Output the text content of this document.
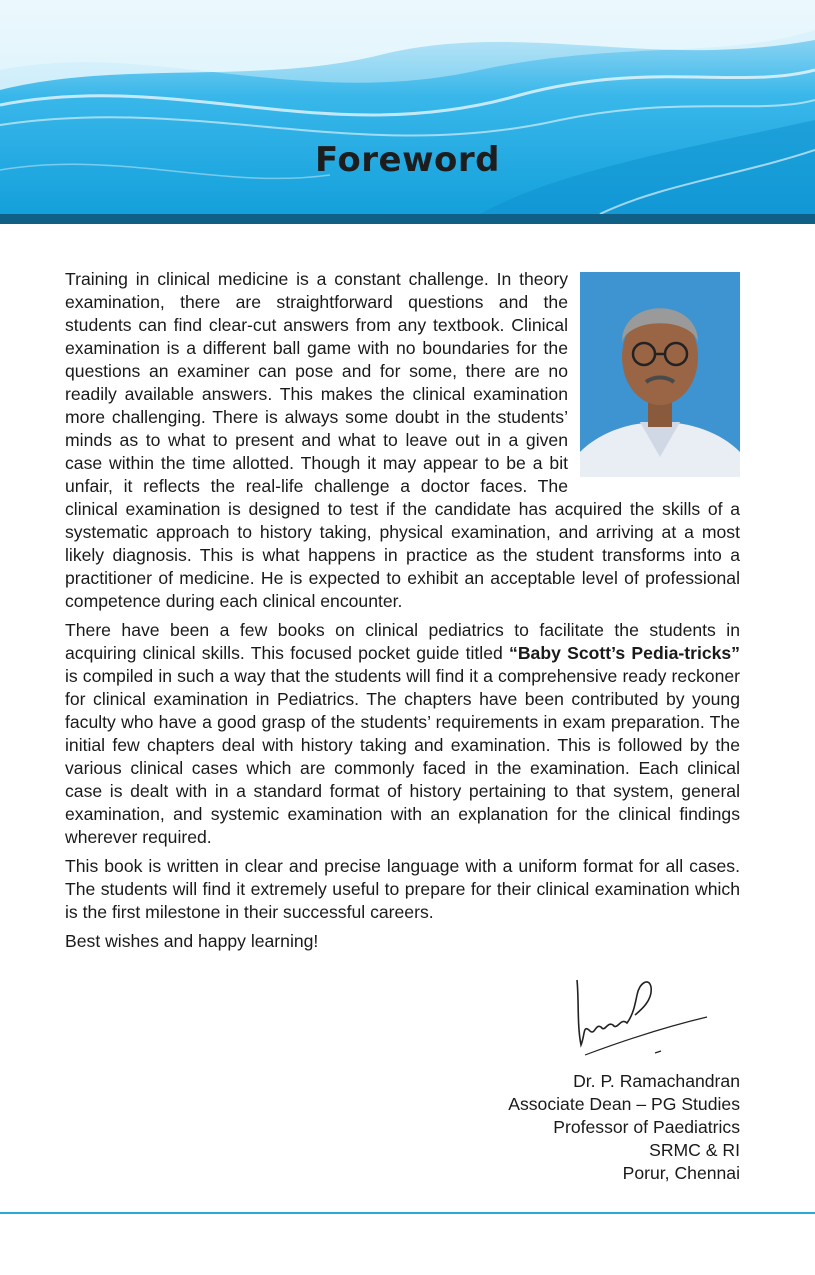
Foreword

Training in clinical medicine is a constant challenge. In theory examination, there are straightforward questions and the students can find clear-cut answers from any textbook. Clinical examination is a different ball game with no boundaries for the questions an examiner can pose and for some, there are no readily available answers. This makes the clinical examination more challenging. There is always some doubt in the students’ minds as to what to present and what to leave out in a given case within the time allotted. Though it may appear to be a bit unfair, it reflects the real-life challenge a doctor faces. The clinical examination is designed to test if the candidate has acquired the skills of a systematic approach to history taking, physical examination, and arriving at a most likely diagnosis. This is what happens in practice as the student transforms into a practitioner of medicine. He is expected to exhibit an acceptable level of professional competence during each clinical encounter.

There have been a few books on clinical pediatrics to facilitate the students in acquiring clinical skills. This focused pocket guide titled “Baby Scott’s Pedia-tricks” is compiled in such a way that the students will find it a comprehensive ready reckoner for clinical examination in Pediatrics. The chapters have been contributed by young faculty who have a good grasp of the students’ requirements in exam preparation. The initial few chapters deal with history taking and examination. This is followed by the various clinical cases which are commonly faced in the examination. Each clinical case is dealt with in a standard format of history pertaining to that system, general examination, and systemic examination with an explanation for the clinical findings wherever required.

This book is written in clear and precise language with a uniform format for all cases. The students will find it extremely useful to prepare for their clinical examination which is the first milestone in their successful careers.

Best wishes and happy learning!

Dr. P. Ramachandran
Associate Dean – PG Studies
Professor of Paediatrics
SRMC & RI
Porur, Chennai
